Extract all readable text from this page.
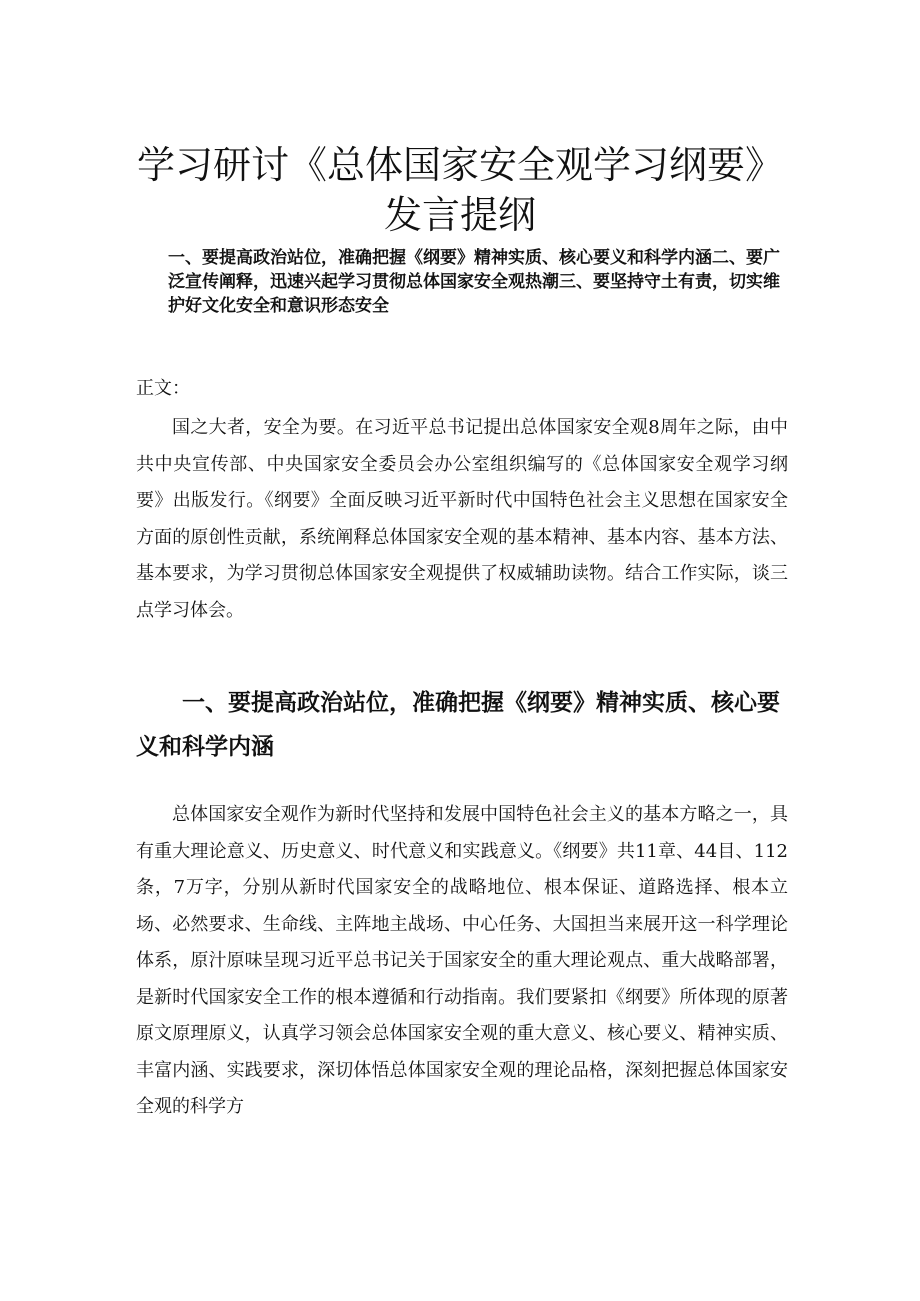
学习研讨《总体国家安全观学习纲要》发言提纲
一、要提高政治站位，准确把握《纲要》精神实质、核心要义和科学内涵二、要广泛宣传阐释，迅速兴起学习贯彻总体国家安全观热潮三、要坚持守土有责，切实维护好文化安全和意识形态安全
正文：

国之大者，安全为要。在习近平总书记提出总体国家安全观8周年之际，由中共中央宣传部、中央国家安全委员会办公室组织编写的《总体国家安全观学习纲要》出版发行。《纲要》全面反映习近平新时代中国特色社会主义思想在国家安全方面的原创性贡献，系统阐释总体国家安全观的基本精神、基本内容、基本方法、基本要求，为学习贯彻总体国家安全观提供了权威辅助读物。结合工作实际，谈三点学习体会。

一、要提高政治站位，准确把握《纲要》精神实质、核心要义和科学内涵

总体国家安全观作为新时代坚持和发展中国特色社会主义的基本方略之一，具有重大理论意义、历史意义、时代意义和实践意义。《纲要》共11章、44目、112条，7万字，分别从新时代国家安全的战略地位、根本保证、道路选择、根本立场、必然要求、生命线、主阵地主战场、中心任务、大国担当来展开这一科学理论体系，原汁原味呈现习近平总书记关于国家安全的重大理论观点、重大战略部署，是新时代国家安全工作的根本遵循和行动指南。我们要紧扣《纲要》所体现的原著原文原理原义，认真学习领会总体国家安全观的重大意义、核心要义、精神实质、丰富内涵、实践要求，深切体悟总体国家安全观的理论品格，深刻把握总体国家安全观的科学方
